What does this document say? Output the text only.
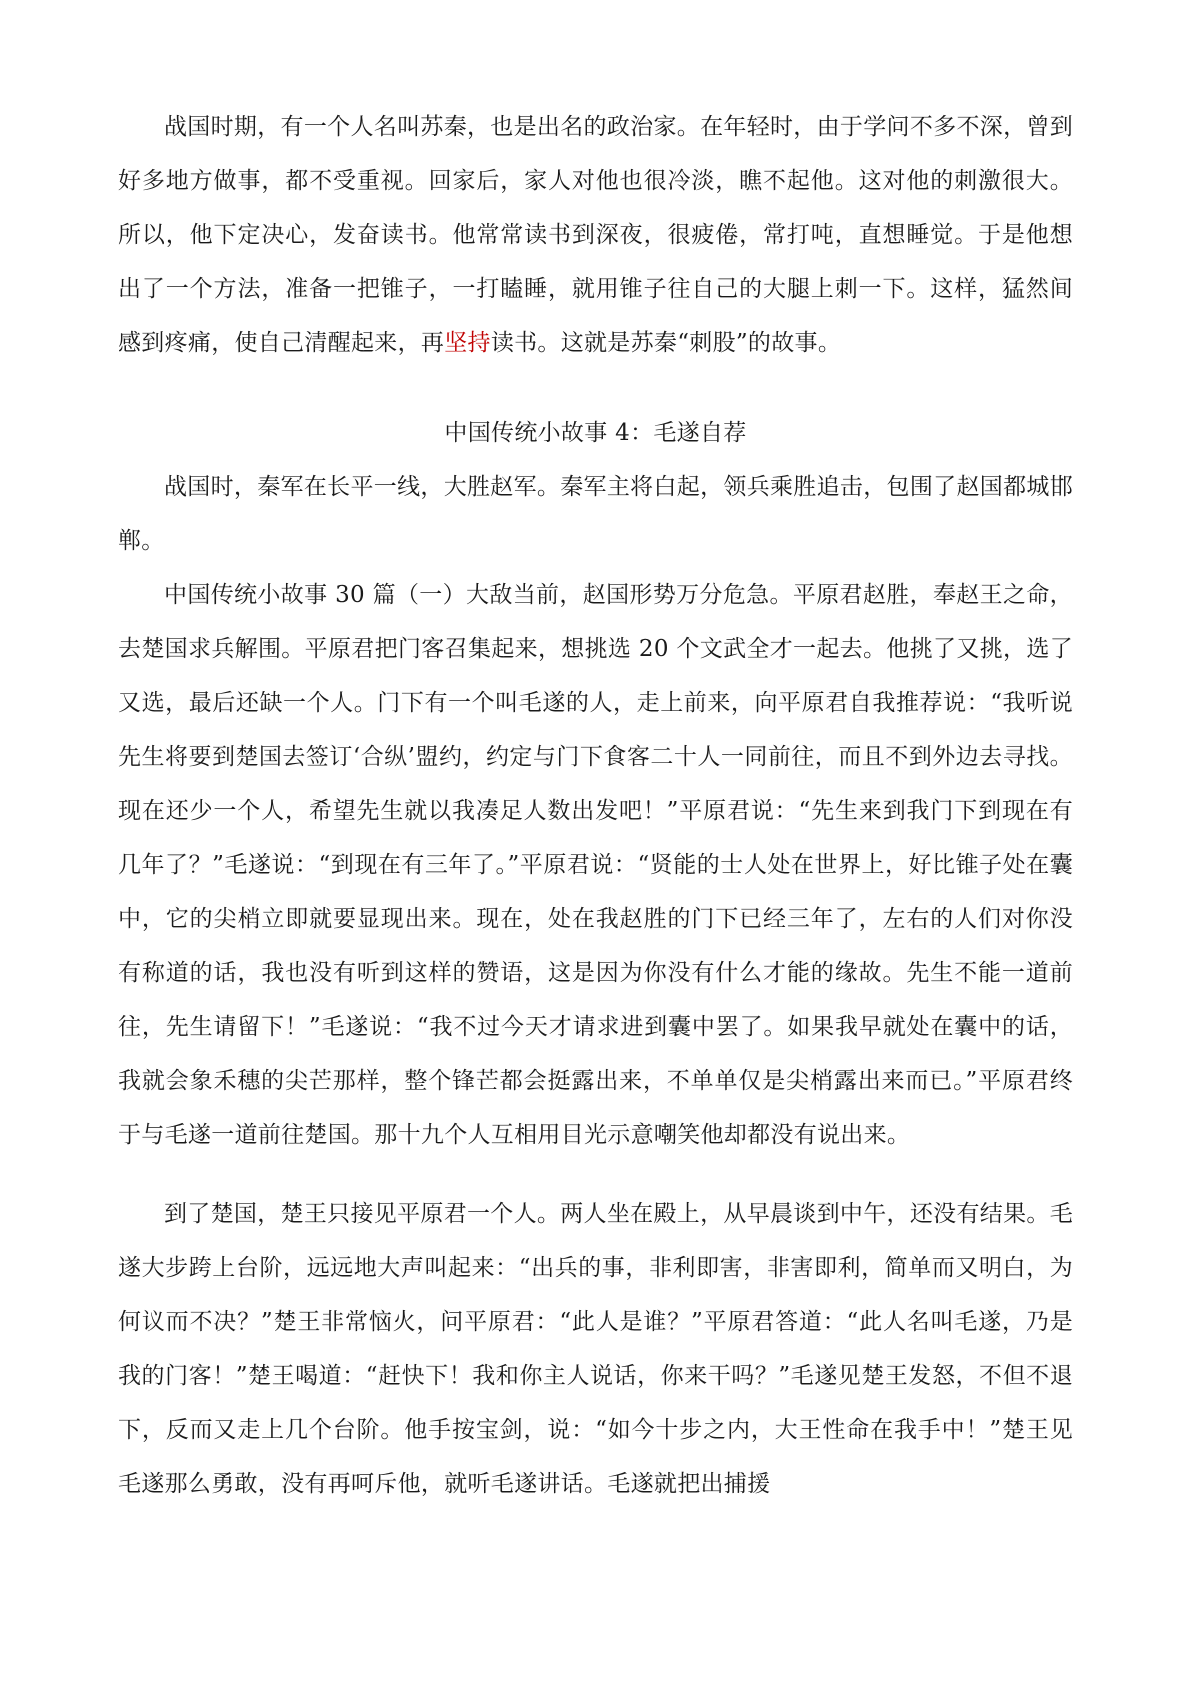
战国时期，有一个人名叫苏秦，也是出名的政治家。在年轻时，由于学问不多不深，曾到好多地方做事，都不受重视。回家后，家人对他也很冷淡，瞧不起他。这对他的刺激很大。所以，他下定决心，发奋读书。他常常读书到深夜，很疲倦，常打吨，直想睡觉。于是他想出了一个方法，准备一把锥子，一打瞌睡，就用锥子往自己的大腿上刺一下。这样，猛然间感到疼痛，使自己清醒起来，再坚持读书。这就是苏秦“刺股”的故事。

中国传统小故事 4：毛遂自荐

战国时，秦军在长平一线，大胜赵军。秦军主将白起，领兵乘胜追击，包围了赵国都城邯郸。

中国传统小故事 30 篇（一）大敌当前，赵国形势万分危急。平原君赵胜，奉赵王之命，去楚国求兵解围。平原君把门客召集起来，想挑选 20 个文武全才一起去。他挑了又挑，选了又选，最后还缺一个人。门下有一个叫毛遂的人，走上前来，向平原君自我推荐说：“我听说先生将要到楚国去签订‘合纵’盟约，约定与门下食客二十人一同前往，而且不到外边去寻找。现在还少一个人，希望先生就以我凑足人数出发吧！”平原君说：“先生来到我门下到现在有几年了？”毛遂说：“到现在有三年了。”平原君说：“贤能的士人处在世界上，好比锥子处在囊中，它的尖梢立即就要显现出来。现在，处在我赵胜的门下已经三年了，左右的人们对你没有称道的话，我也没有听到这样的赞语，这是因为你没有什么才能的缘故。先生不能一道前往，先生请留下！”毛遂说：“我不过今天才请求进到囊中罢了。如果我早就处在囊中的话，我就会象禾穗的尖芒那样，整个锋芒都会挺露出来，不单单仅是尖梢露出来而已。”平原君终于与毛遂一道前往楚国。那十九个人互相用目光示意嘲笑他却都没有说出来。

到了楚国，楚王只接见平原君一个人。两人坐在殿上，从早晨谈到中午，还没有结果。毛遂大步跨上台阶，远远地大声叫起来：“出兵的事，非利即害，非害即利，简单而又明白，为何议而不决？”楚王非常恼火，问平原君：“此人是谁？”平原君答道：“此人名叫毛遂，乃是我的门客！”楚王喝道：“赶快下！我和你主人说话，你来干吗？”毛遂见楚王发怒，不但不退下，反而又走上几个台阶。他手按宝剑，说：“如今十步之内，大王性命在我手中！”楚王见毛遂那么勇敢，没有再呵斥他，就听毛遂讲话。毛遂就把出捕援
